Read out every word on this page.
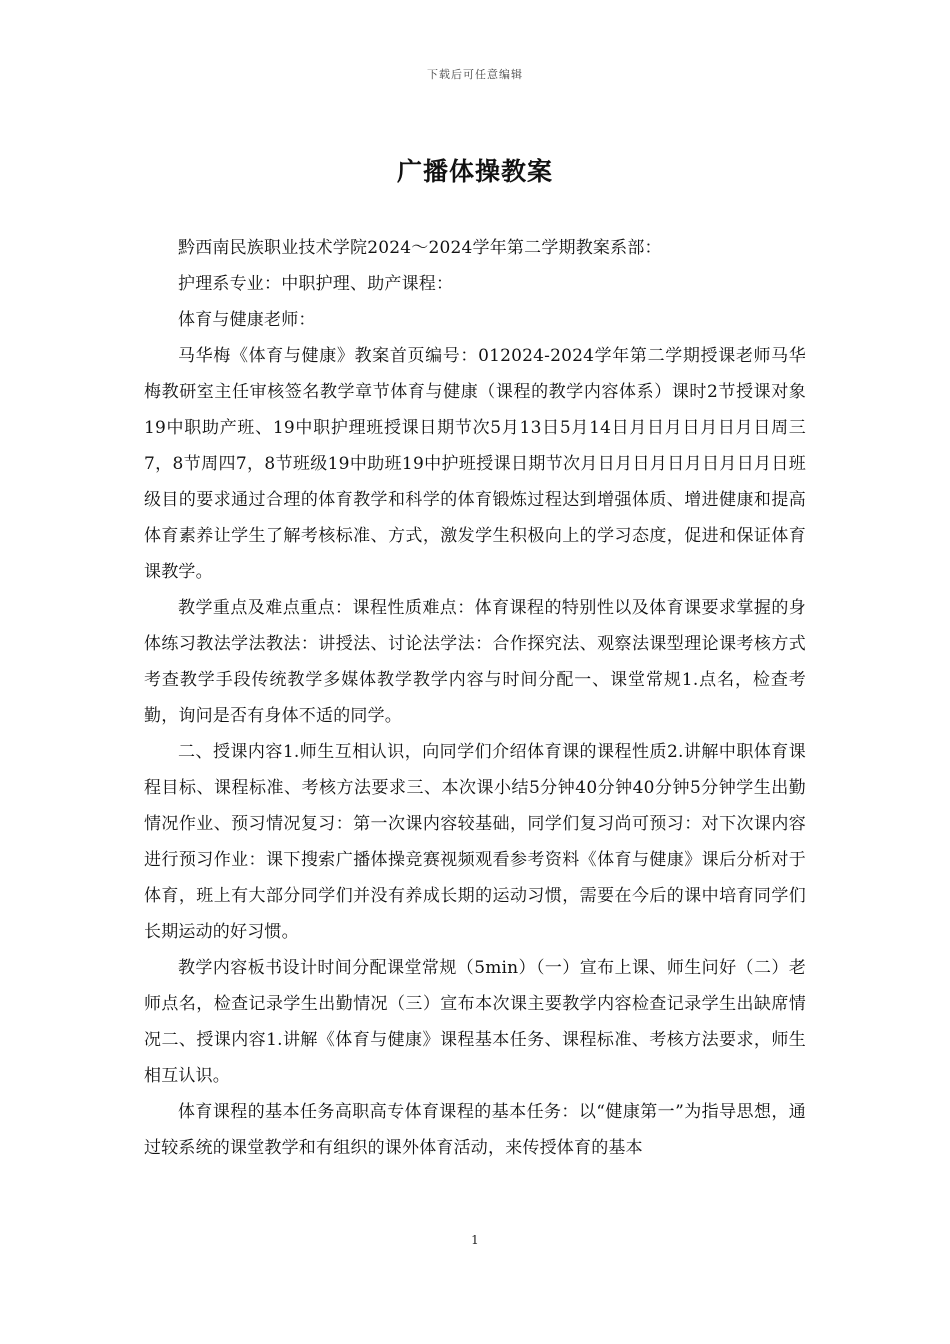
下载后可任意编辑
广播体操教案

黔西南民族职业技术学院2024～2024学年第二学期教案系部：

护理系专业：中职护理、助产课程：

体育与健康老师：

马华梅《体育与健康》教案首页编号：012024-2024学年第二学期授课老师马华梅教研室主任审核签名教学章节体育与健康（课程的教学内容体系）课时2节授课对象19中职助产班、19中职护理班授课日期节次5月13日5月14日月日月日月日月日周三7，8节周四7，8节班级19中助班19中护班授课日期节次月日月日月日月日月日月日班级目的要求通过合理的体育教学和科学的体育锻炼过程达到增强体质、增进健康和提高体育素养让学生了解考核标准、方式，激发学生积极向上的学习态度，促进和保证体育课教学。

教学重点及难点重点：课程性质难点：体育课程的特别性以及体育课要求掌握的身体练习教法学法教法：讲授法、讨论法学法：合作探究法、观察法课型理论课考核方式考查教学手段传统教学多媒体教学教学内容与时间分配一、课堂常规1.点名，检查考勤，询问是否有身体不适的同学。

二、授课内容1.师生互相认识，向同学们介绍体育课的课程性质2.讲解中职体育课程目标、课程标准、考核方法要求三、本次课小结5分钟40分钟40分钟5分钟学生出勤情况作业、预习情况复习：第一次课内容较基础，同学们复习尚可预习：对下次课内容进行预习作业：课下搜索广播体操竞赛视频观看参考资料《体育与健康》课后分析对于体育，班上有大部分同学们并没有养成长期的运动习惯，需要在今后的课中培育同学们长期运动的好习惯。

教学内容板书设计时间分配课堂常规（5min）（一）宣布上课、师生问好（二）老师点名，检查记录学生出勤情况（三）宣布本次课主要教学内容检查记录学生出缺席情况二、授课内容1.讲解《体育与健康》课程基本任务、课程标准、考核方法要求，师生相互认识。

体育课程的基本任务高职高专体育课程的基本任务：以“健康第一”为指导思想，通过较系统的课堂教学和有组织的课外体育活动，来传授体育的基本

1
